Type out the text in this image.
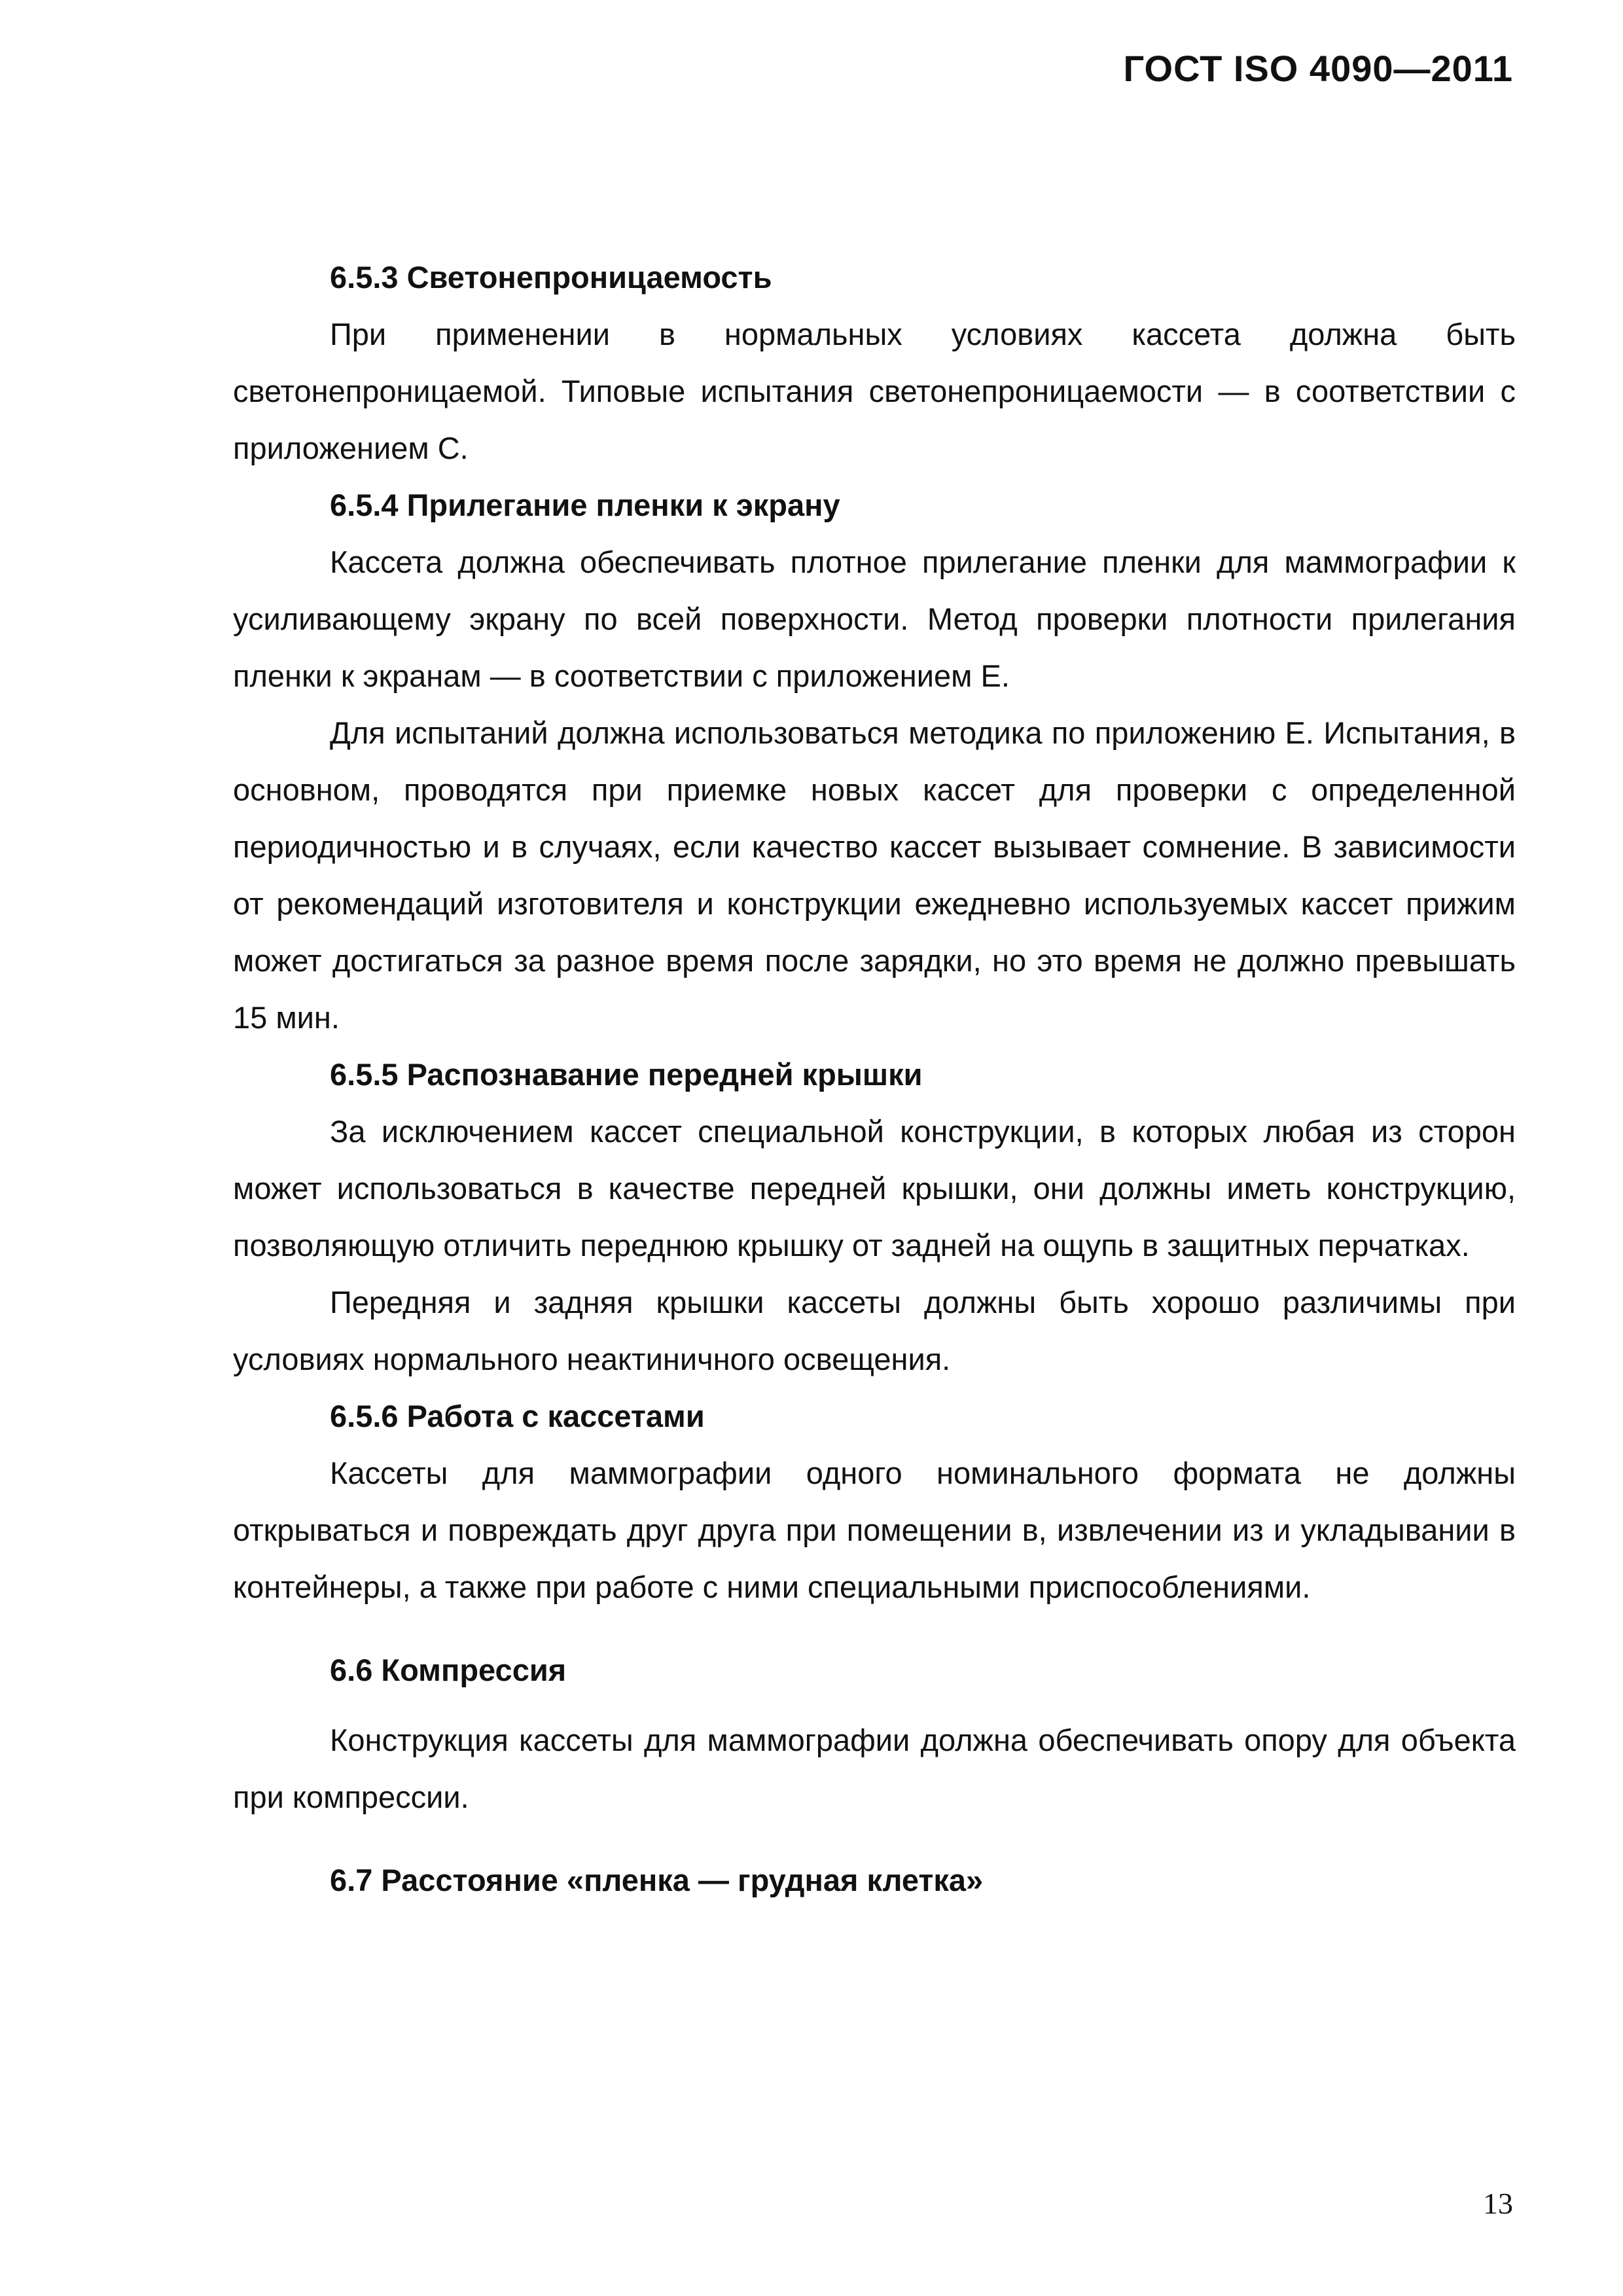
ГОСТ ISO 4090—2011
6.5.3 Светонепроницаемость

При применении в нормальных условиях кассета должна быть светонепроницаемой. Типовые испытания светонепроницаемости — в соответствии с приложением С.

6.5.4 Прилегание пленки к экрану

Кассета должна обеспечивать плотное прилегание пленки для маммографии к усиливающему экрану по всей поверхности. Метод проверки плотности прилегания пленки к экранам — в соответствии с приложением Е.

Для испытаний должна использоваться методика по приложению Е. Испытания, в основном, проводятся при приемке новых кассет для проверки с определенной периодичностью и в случаях, если качество кассет вызывает сомнение. В зависимости от рекомендаций изготовителя и конструкции ежедневно используемых кассет прижим может достигаться за разное время после зарядки, но это время не должно превышать 15 мин.

6.5.5 Распознавание передней крышки

За исключением кассет специальной конструкции, в которых любая из сторон может использоваться в качестве передней крышки, они должны иметь конструкцию, позволяющую отличить переднюю крышку от задней на ощупь в защитных перчатках.

Передняя и задняя крышки кассеты должны быть хорошо различимы при условиях нормального неактиничного освещения.

6.5.6 Работа с кассетами

Кассеты для маммографии одного номинального формата не должны открываться и повреждать друг друга при помещении в, извлечении из и укладывании в контейнеры, а также при работе с ними специальными приспособлениями.

6.6 Компрессия

Конструкция кассеты для маммографии должна обеспечивать опору для объекта при компрессии.

6.7 Расстояние «пленка — грудная клетка»
13
